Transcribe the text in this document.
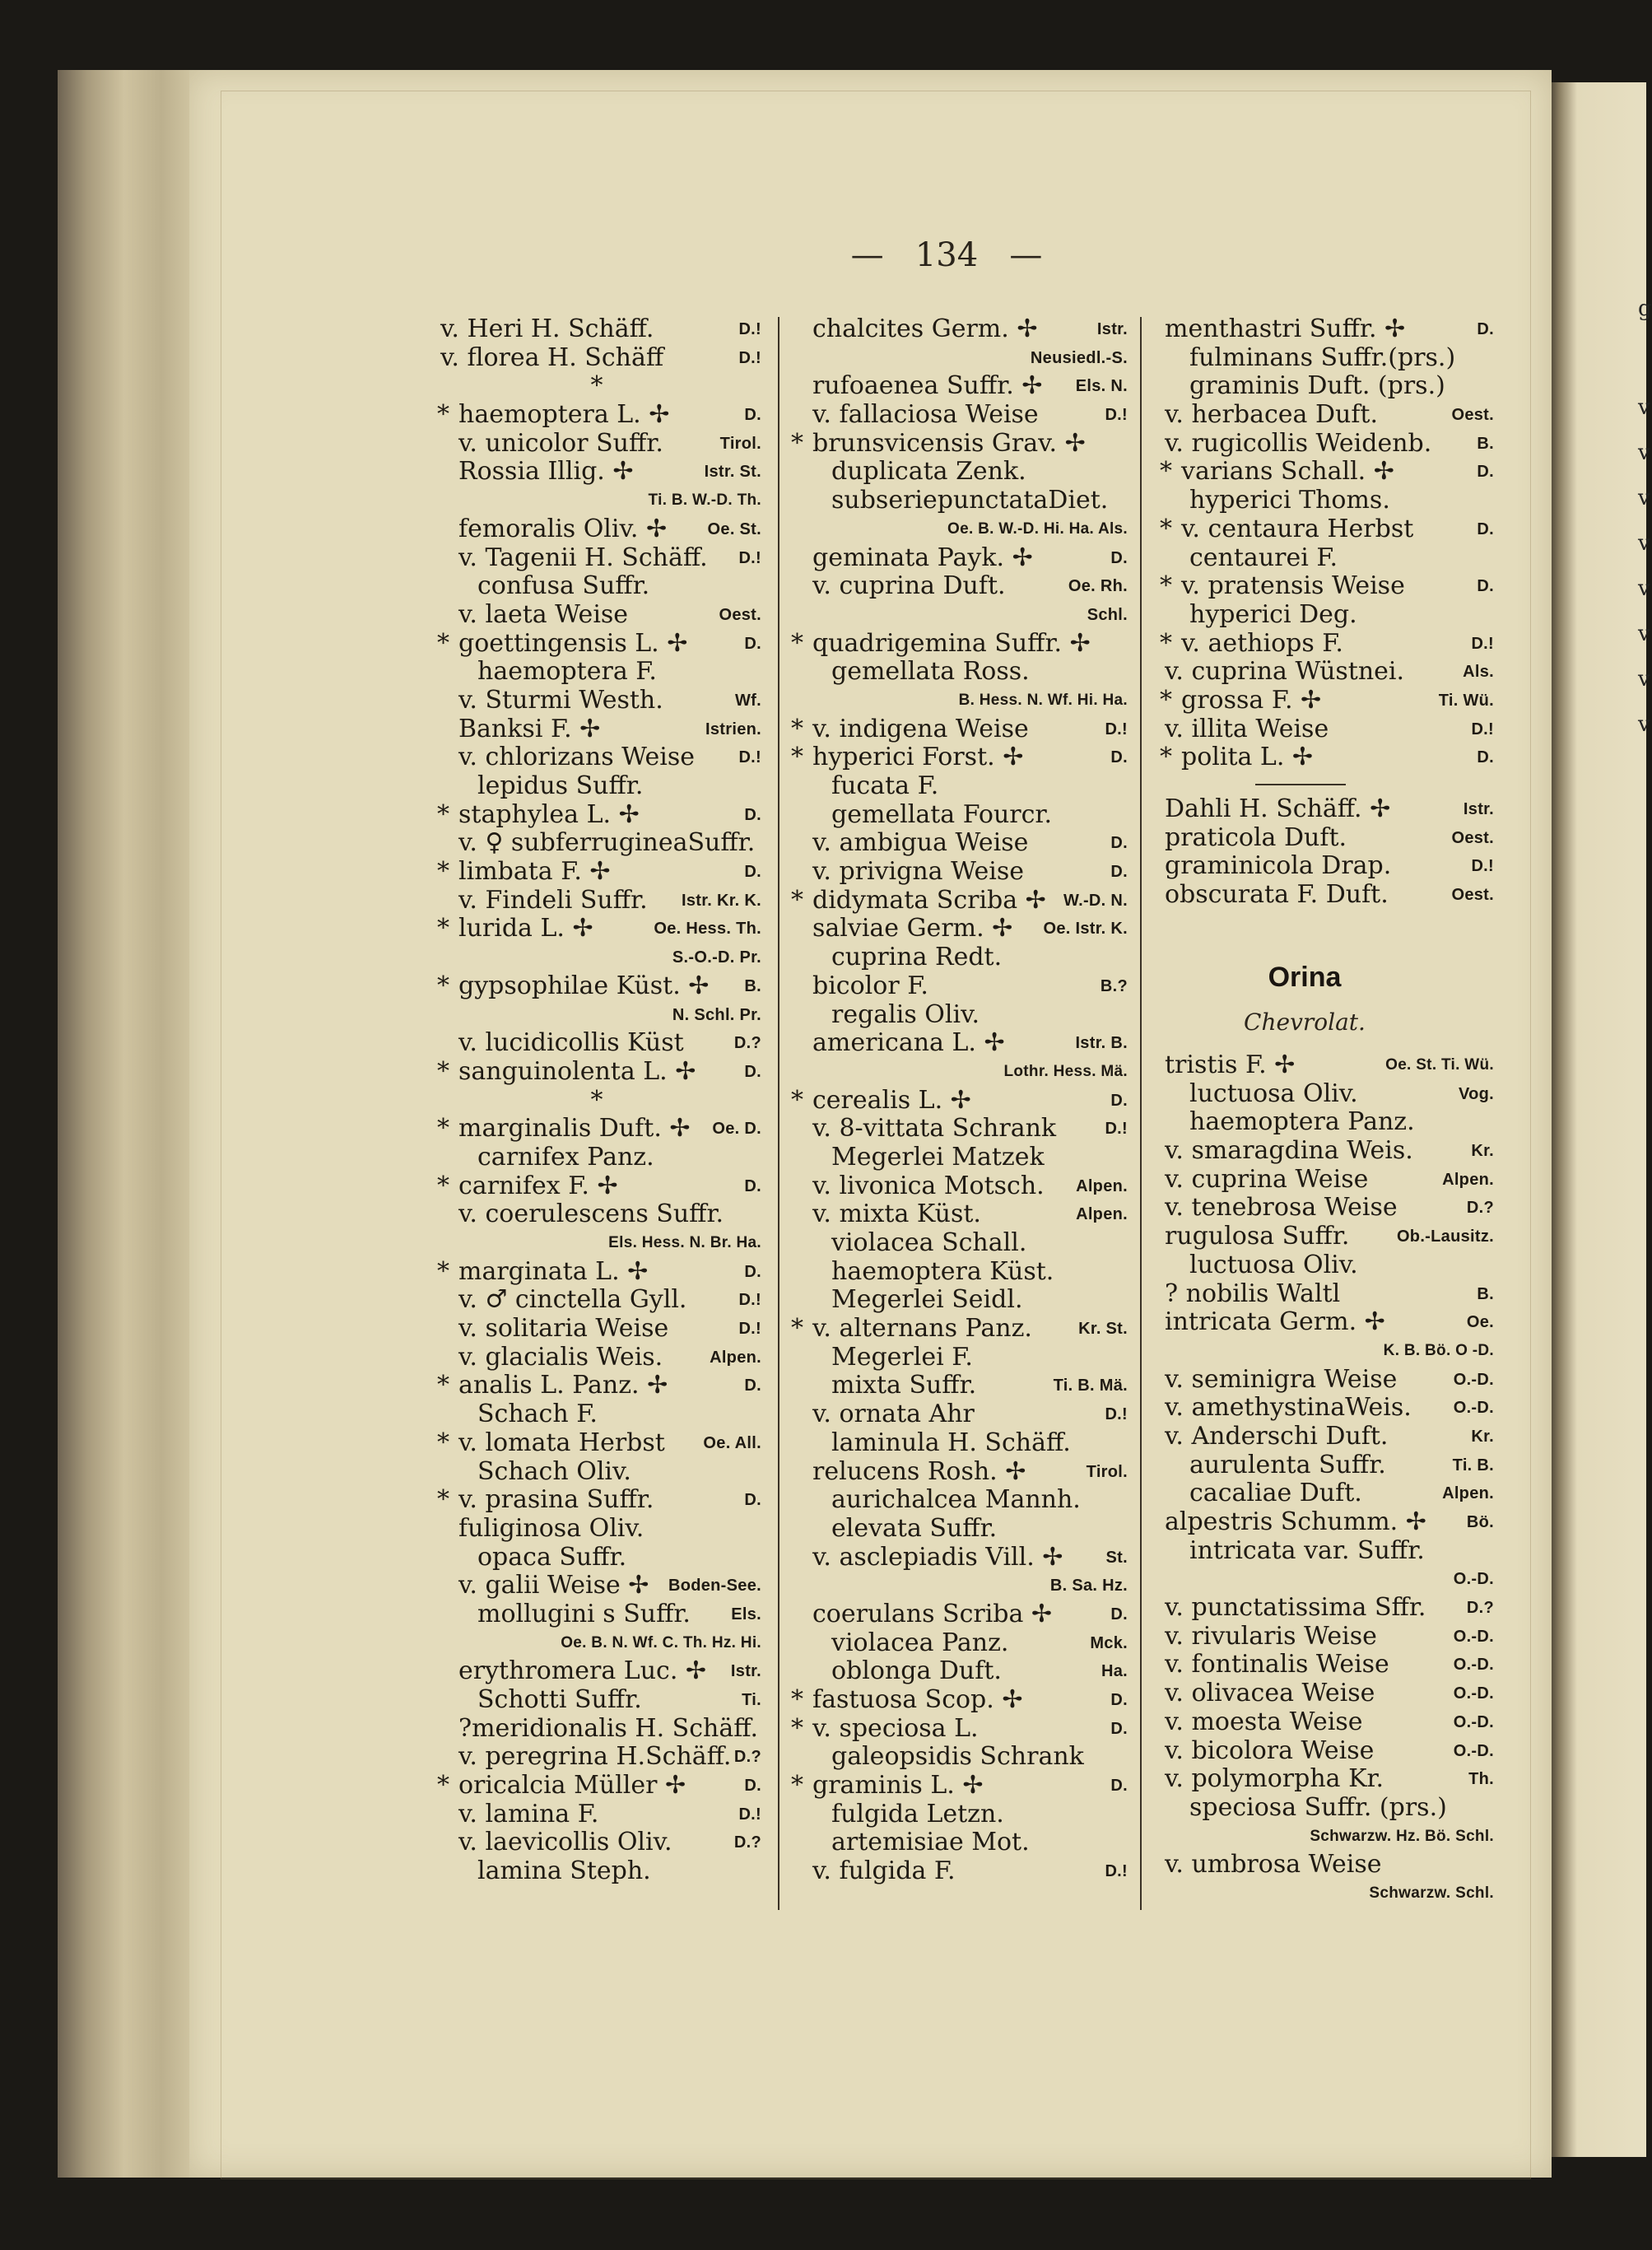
— 134 —
v. Heri H. Schäff.	D.!
v. florea H. Schäff	D.!
*
* haemoptera L. ✢	D.
v. unicolor Suffr.	Tirol.
Rossia Illig. ✢	Istr. St.
Ti. B. W.-D. Th.
femoralis Oliv. ✢ Oe. St.
v. Tagenii H. Schäff. D.!
confusa Suffr.
v. laeta Weise	Oest.
* goettingensis L. ✢	D.
haemoptera F.
v. Sturmi Westh.	Wf.
Banksi F. ✢	Istrien.
v. chlorizans Weise	D.!
lepidus Suffr.
* staphylea L. ✢	D.
v. ♀ subferrugineaSuffr.
* limbata F. ✢	D.
v. Findeli Suffr. Istr. Kr. K.
* lurida L. ✢	Oe. Hess. Th.
S.-O.-D. Pr.
* gypsophilae Küst. ✢ B.
N. Schl. Pr.
v. lucidicollis Küst	D.?
* sanguinolenta L. ✢	D.
*
* marginalis Duft. ✢ Oe. D.
carnifex Panz.
* carnifex F. ✢	D.
v. coerulescens Suffr.
Els. Hess. N. Br. Ha.
* marginata L. ✢	D.
v. ♂ cinctella Gyll.	D.!
v. solitaria Weise	D.!
v. glacialis Weis.	Alpen.
* analis L. Panz. ✢	D.
Schach F.
* v. lomata Herbst Oe. All.
Schach Oliv.
* v. prasina Suffr.	D.
fuliginosa Oliv.
opaca Suffr.
v. galii Weise ✢ Boden-See.
mollugini s Suffr. Els.
Oe. B. N. Wf. C. Th. Hz. Hi.
erythromera Luc. ✢ Istr.
Schotti Suffr.	Ti.
?meridionalis H. Schäff.
v. peregrina H.Schäff. D.?
* oricalcia Müller ✢	D.
v. lamina F.	D.!
v. laevicollis Oliv.	D.?
lamina Steph.
chalcites Germ. ✢	Istr.
Neusiedl.-S.
rufoaenea Suffr. ✢ Els. N.
v. fallaciosa Weise	D.!
* brunsvicensis Grav. ✢
duplicata Zenk.
subseriepunctataDiet.
Oe. B. W.-D. Hi. Ha. Als.
geminata Payk. ✢	D.
v. cuprina Duft.	Oe. Rh.
Schl.
* quadrigemina Suffr. ✢
gemellata Ross.
B. Hess. N. Wf. Hi. Ha.
* v. indigena Weise	D.!
* hyperici Forst. ✢	D.
fucata F.
gemellata Fourcr.
v. ambigua Weise	D.
v. privigna Weise	D.
* didymata Scriba ✢ W.-D. N.
salviae Germ. ✢ Oe. Istr. K.
cuprina Redt.
bicolor F.	B.?
regalis Oliv.
americana L. ✢	Istr. B.
Lothr. Hess. Mä.
* cerealis L. ✢	D.
v. 8-vittata Schrank	D.!
Megerlei Matzek
v. livonica Motsch. Alpen.
v. mixta Küst.	Alpen.
violacea Schall.
haemoptera Küst.
Megerlei Seidl.
* v. alternans Panz.	Kr. St.
Megerlei F.
mixta Suffr.	Ti. B. Mä.
v. ornata Ahr	D.!
laminula H. Schäff.
relucens Rosh. ✢	Tirol.
aurichalcea Mannh.
elevata Suffr.
v. asclepiadis Vill. ✢	St.
B. Sa. Hz.
coerulans Scriba ✢	D.
violacea Panz.	Mck.
oblonga Duft.	Ha.
* fastuosa Scop. ✢	D.
* v. speciosa L.	D.
galeopsidis Schrank
* graminis L. ✢	D.
fulgida Letzn.
artemisiae Mot.
v. fulgida F.	D.!
menthastri Suffr. ✢	D.
fulminans Suffr.(prs.)
graminis Duft. (prs.)
v. herbacea Duft.	Oest.
v. rugicollis Weidenb.	B.
* varians Schall. ✢	D.
hyperici Thoms.
* v. centaura Herbst	D.
centaurei F.
* v. pratensis Weise	D.
hyperici Deg.
* v. aethiops F.	D.!
v. cuprina Wüstnei.	Als.
* grossa F. ✢	Ti. Wü.
v. illita Weise	D.!
* polita L. ✢	D.
Dahli H. Schäff. ✢	Istr.
praticola Duft.	Oest.
graminicola Drap.	D.!
obscurata F. Duft.	Oest.
Orina
Chevrolat.
tristis F. ✢	Oe. St. Ti. Wü.
luctuosa Oliv.	Vog.
haemoptera Panz.
v. smaragdina Weis.	Kr.
v. cuprina Weise	Alpen.
v. tenebrosa Weise	D.?
rugulosa Suffr.	Ob.-Lausitz.
luctuosa Oliv.
? nobilis Waltl	B.
intricata Germ. ✢	Oe.
K. B. Bö. O -D.
v. seminigra Weise	O.-D.
v. amethystinaWeis.	O.-D.
v. Anderschi Duft.	Kr.
aurulenta Suffr.	Ti. B.
cacaliae Duft.	Alpen.
alpestris Schumm. ✢ Bö.
intricata var. Suffr.
O.-D.
v. punctatissima Sffr. D.?
v. rivularis Weise	O.-D.
v. fontinalis Weise	O.-D.
v. olivacea Weise	O.-D.
v. moesta Weise	O.-D.
v. bicolora Weise	O.-D.
v. polymorpha Kr.	Th.
speciosa Suffr. (prs.)
Schwarzw. Hz. Bö. Schl.
v. umbrosa Weise
Schwarzw. Schl.
g
v
v
v
v
v
v
v
v
